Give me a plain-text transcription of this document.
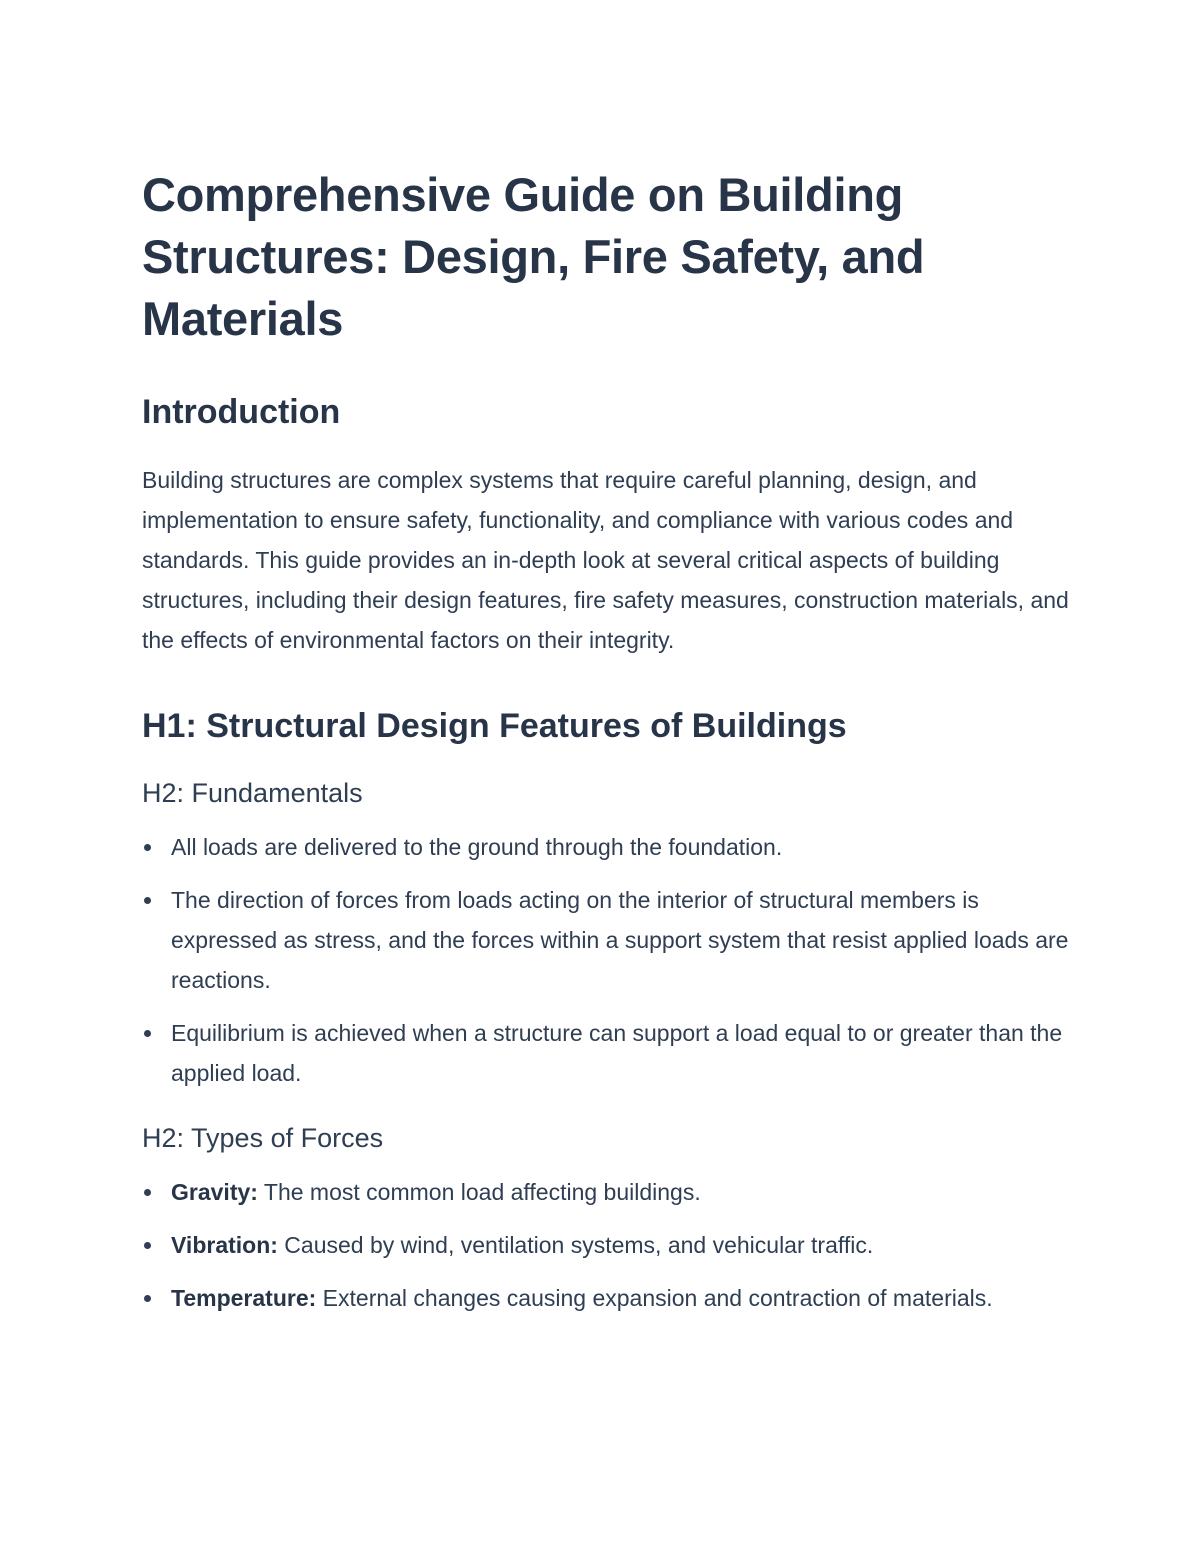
Comprehensive Guide on Building Structures: Design, Fire Safety, and Materials
Introduction

Building structures are complex systems that require careful planning, design, and implementation to ensure safety, functionality, and compliance with various codes and standards. This guide provides an in-depth look at several critical aspects of building structures, including their design features, fire safety measures, construction materials, and the effects of environmental factors on their integrity.

H1: Structural Design Features of Buildings
H2: Fundamentals
All loads are delivered to the ground through the foundation.
The direction of forces from loads acting on the interior of structural members is expressed as stress, and the forces within a support system that resist applied loads are reactions.
Equilibrium is achieved when a structure can support a load equal to or greater than the applied load.
H2: Types of Forces
Gravity: The most common load affecting buildings.
Vibration: Caused by wind, ventilation systems, and vehicular traffic.
Temperature: External changes causing expansion and contraction of materials.
